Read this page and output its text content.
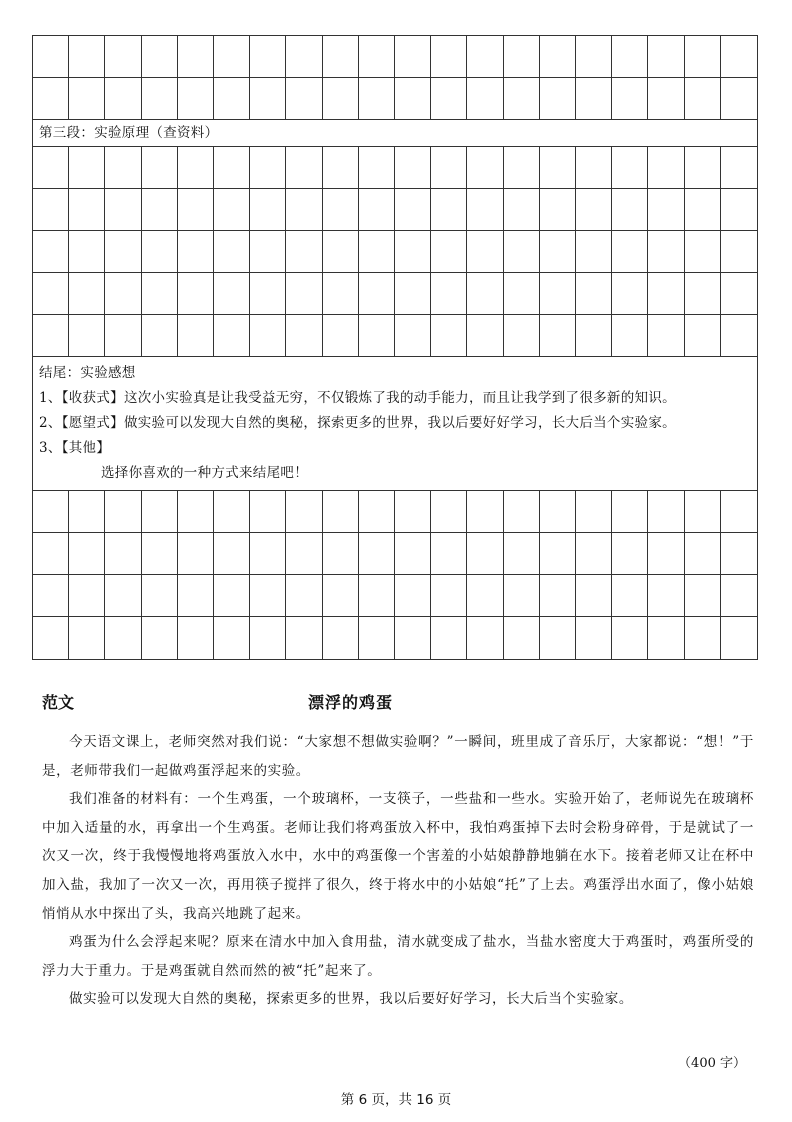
第三段：实验原理（查资料）
结尾：实验感想
1、【收获式】这次小实验真是让我受益无穷，不仅锻炼了我的动手能力，而且让我学到了很多新的知识。
2、【愿望式】做实验可以发现大自然的奥秘，探索更多的世界，我以后要好好学习，长大后当个实验家。
3、【其他】
选择你喜欢的一种方式来结尾吧！
范文	漂浮的鸡蛋

今天语文课上，老师突然对我们说：“大家想不想做实验啊？”一瞬间，班里成了音乐厅，大家都说：“想！”于是，老师带我们一起做鸡蛋浮起来的实验。

我们准备的材料有：一个生鸡蛋，一个玻璃杯，一支筷子，一些盐和一些水。实验开始了，老师说先在玻璃杯中加入适量的水，再拿出一个生鸡蛋。老师让我们将鸡蛋放入杯中，我怕鸡蛋掉下去时会粉身碎骨，于是就试了一次又一次，终于我慢慢地将鸡蛋放入水中，水中的鸡蛋像一个害羞的小姑娘静静地躺在水下。接着老师又让在杯中加入盐，我加了一次又一次，再用筷子搅拌了很久，终于将水中的小姑娘“托”了上去。鸡蛋浮出水面了，像小姑娘悄悄从水中探出了头，我高兴地跳了起来。

鸡蛋为什么会浮起来呢？原来在清水中加入食用盐，清水就变成了盐水，当盐水密度大于鸡蛋时，鸡蛋所受的浮力大于重力。于是鸡蛋就自然而然的被“托”起来了。

做实验可以发现大自然的奥秘，探索更多的世界，我以后要好好学习，长大后当个实验家。

（400 字）
第 6 页，共 16 页
